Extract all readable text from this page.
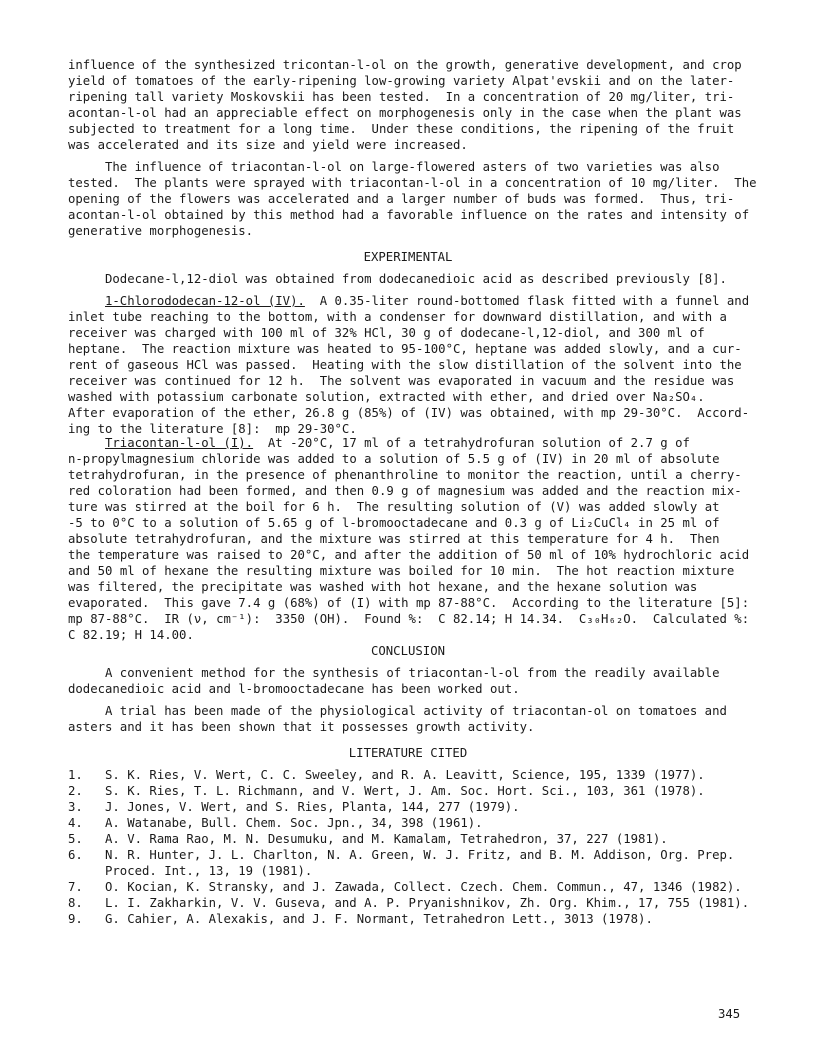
influence of the synthesized tricontan-l-ol on the growth, generative development, and crop
yield of tomatoes of the early-ripening low-growing variety Alpat'evskii and on the later-
ripening tall variety Moskovskii has been tested.  In a concentration of 20 mg/liter, tri-
acontan-l-ol had an appreciable effect on morphogenesis only in the case when the plant was
subjected to treatment for a long time.  Under these conditions, the ripening of the fruit
was accelerated and its size and yield were increased.
The influence of triacontan-l-ol on large-flowered asters of two varieties was also
tested.  The plants were sprayed with triacontan-l-ol in a concentration of 10 mg/liter.  The
opening of the flowers was accelerated and a larger number of buds was formed.  Thus, tri-
acontan-l-ol obtained by this method had a favorable influence on the rates and intensity of
generative morphogenesis.
EXPERIMENTAL
Dodecane-l,12-diol was obtained from dodecanedioic acid as described previously [8].
1-Chlorododecan-12-ol (IV).  A 0.35-liter round-bottomed flask fitted with a funnel and
inlet tube reaching to the bottom, with a condenser for downward distillation, and with a
receiver was charged with 100 ml of 32% HCl, 30 g of dodecane-l,12-diol, and 300 ml of
heptane.  The reaction mixture was heated to 95-100°C, heptane was added slowly, and a cur-
rent of gaseous HCl was passed.  Heating with the slow distillation of the solvent into the
receiver was continued for 12 h.  The solvent was evaporated in vacuum and the residue was
washed with potassium carbonate solution, extracted with ether, and dried over Na₂SO₄.
After evaporation of the ether, 26.8 g (85%) of (IV) was obtained, with mp 29-30°C.  Accord-
ing to the literature [8]:  mp 29-30°C.
Triacontan-l-ol (I).  At -20°C, 17 ml of a tetrahydrofuran solution of 2.7 g of
n-propylmagnesium chloride was added to a solution of 5.5 g of (IV) in 20 ml of absolute
tetrahydrofuran, in the presence of phenanthroline to monitor the reaction, until a cherry-
red coloration had been formed, and then 0.9 g of magnesium was added and the reaction mix-
ture was stirred at the boil for 6 h.  The resulting solution of (V) was added slowly at
-5 to 0°C to a solution of 5.65 g of l-bromooctadecane and 0.3 g of Li₂CuCl₄ in 25 ml of
absolute tetrahydrofuran, and the mixture was stirred at this temperature for 4 h.  Then
the temperature was raised to 20°C, and after the addition of 50 ml of 10% hydrochloric acid
and 50 ml of hexane the resulting mixture was boiled for 10 min.  The hot reaction mixture
was filtered, the precipitate was washed with hot hexane, and the hexane solution was
evaporated.  This gave 7.4 g (68%) of (I) with mp 87-88°C.  According to the literature [5]:
mp 87-88°C.  IR (ν, cm⁻¹):  3350 (OH).  Found %:  C 82.14; H 14.34.  C₃₀H₆₂O.  Calculated %:
C 82.19; H 14.00.
CONCLUSION
A convenient method for the synthesis of triacontan-l-ol from the readily available
dodecanedioic acid and l-bromooctadecane has been worked out.
A trial has been made of the physiological activity of triacontan-ol on tomatoes and
asters and it has been shown that it possesses growth activity.
LITERATURE CITED
1. S. K. Ries, V. Wert, C. C. Sweeley, and R. A. Leavitt, Science, 195, 1339 (1977).
2. S. K. Ries, T. L. Richmann, and V. Wert, J. Am. Soc. Hort. Sci., 103, 361 (1978).
3. J. Jones, V. Wert, and S. Ries, Planta, 144, 277 (1979).
4. A. Watanabe, Bull. Chem. Soc. Jpn., 34, 398 (1961).
5. A. V. Rama Rao, M. N. Desumuku, and M. Kamalam, Tetrahedron, 37, 227 (1981).
6. N. R. Hunter, J. L. Charlton, N. A. Green, W. J. Fritz, and B. M. Addison, Org. Prep.
Proced. Int., 13, 19 (1981).
7. O. Kocian, K. Stransky, and J. Zawada, Collect. Czech. Chem. Commun., 47, 1346 (1982).
8. L. I. Zakharkin, V. V. Guseva, and A. P. Pryanishnikov, Zh. Org. Khim., 17, 755 (1981).
9. G. Cahier, A. Alexakis, and J. F. Normant, Tetrahedron Lett., 3013 (1978).
345
